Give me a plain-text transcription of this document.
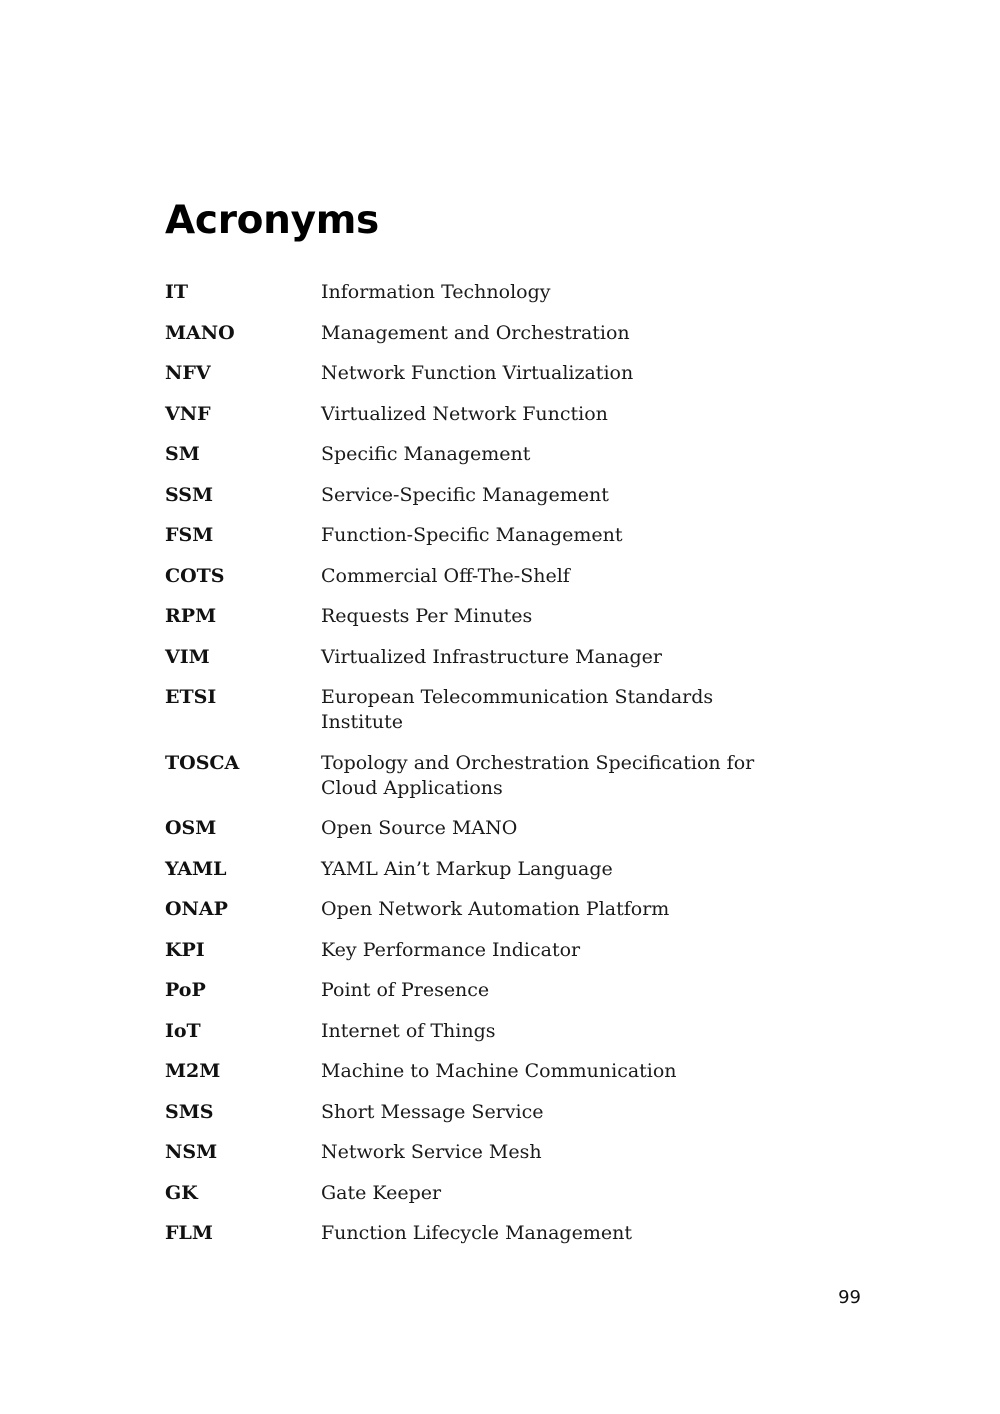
Acronyms
IT	Information Technology
MANO	Management and Orchestration
NFV	Network Function Virtualization
VNF	Virtualized Network Function
SM	Specific Management
SSM	Service-Specific Management
FSM	Function-Specific Management
COTS	Commercial Off-The-Shelf
RPM	Requests Per Minutes
VIM	Virtualized Infrastructure Manager
ETSI	European Telecommunication Standards Institute
TOSCA	Topology and Orchestration Specification for Cloud Applications
OSM	Open Source MANO
YAML	YAML Ain’t Markup Language
ONAP	Open Network Automation Platform
KPI	Key Performance Indicator
PoP	Point of Presence
IoT	Internet of Things
M2M	Machine to Machine Communication
SMS	Short Message Service
NSM	Network Service Mesh
GK	Gate Keeper
FLM	Function Lifecycle Management
99
